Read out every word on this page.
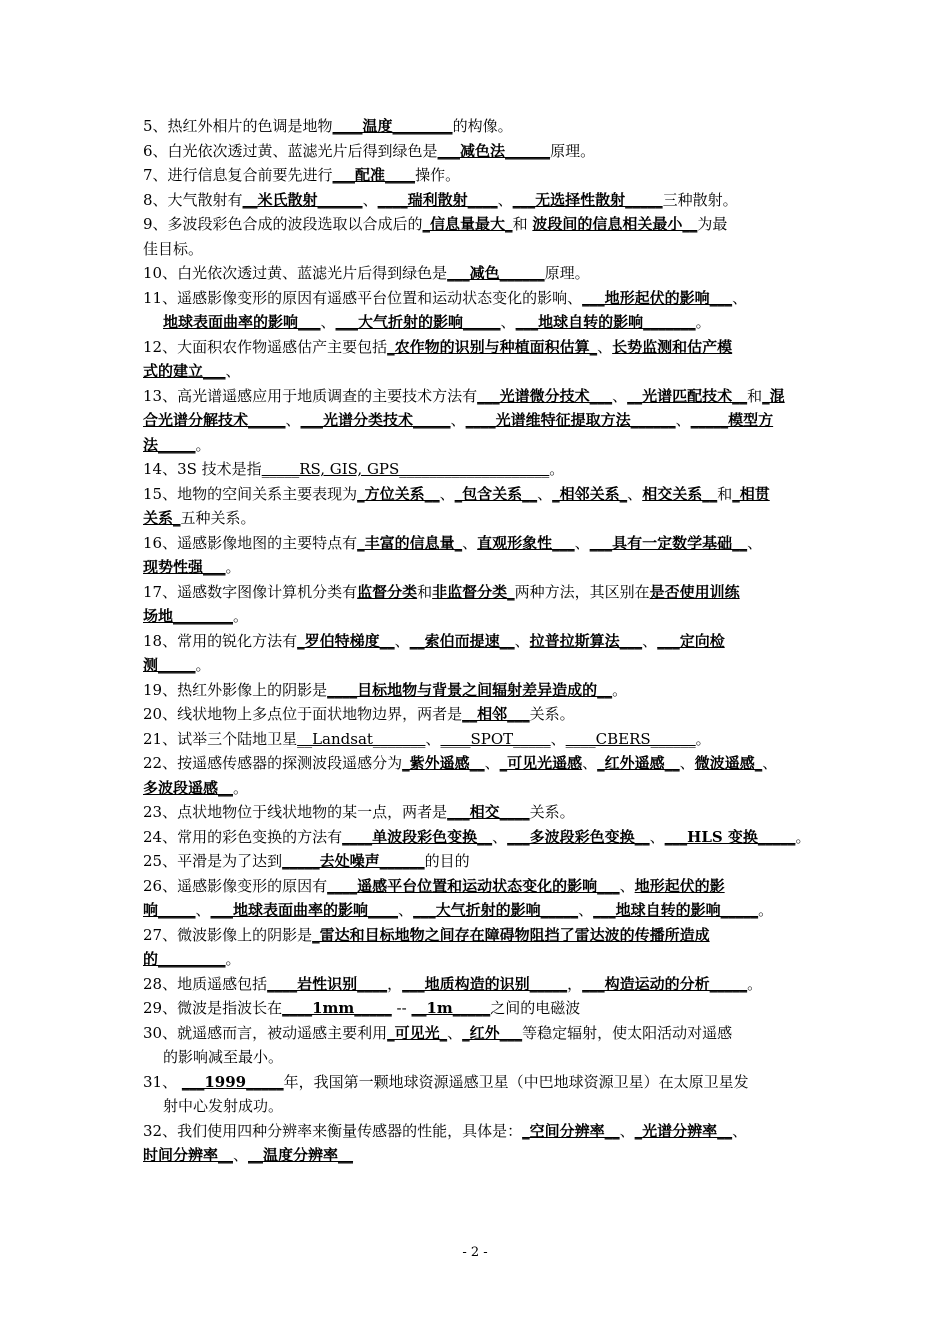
5、热红外相片的色调是地物____温度________的构像。
6、白光依次透过黄、蓝滤光片后得到绿色是___减色法______原理。
7、进行信息复合前要先进行___配准____操作。
8、大气散射有__米氏散射______、____瑞利散射____、___无选择性散射_____三种散射。
9、多波段彩色合成的波段选取以合成后的_信息量最大_和 波段间的信息相关最小__为最
佳目标。
10、白光依次透过黄、蓝滤光片后得到绿色是___减色______原理。
11、遥感影像变形的原因有遥感平台位置和运动状态变化的影响、___地形起伏的影响___、
地球表面曲率的影响___、___大气折射的影响_____、___地球自转的影响_______。
12、大面积农作物遥感估产主要包括_农作物的识别与种植面积估算_、长势监测和估产模
式的建立___、
13、高光谱遥感应用于地质调查的主要技术方法有___光谱微分技术___、__光谱匹配技术__和_混
合光谱分解技术_____、___光谱分类技术_____、____光谱维特征提取方法______、_____模型方
法_____。
14、3S 技术是指_____RS, GIS, GPS____________________。
15、地物的空间关系主要表现为_方位关系__、_包含关系__、_相邻关系_、相交关系__和_相贯
关系_五种关系。
16、遥感影像地图的主要特点有_丰富的信息量_、直观形象性___、___具有一定数学基础__、
现势性强___。
17、遥感数字图像计算机分类有监督分类和非监督分类_两种方法，其区别在是否使用训练
场地________。
18、常用的锐化方法有_罗伯特梯度__、__索伯而提速__、拉普拉斯算法___、___定向检
测_____。
19、热红外影像上的阴影是____目标地物与背景之间辐射差异造成的__。
20、线状地物上多点位于面状地物边界，两者是__相邻___关系。
21、试举三个陆地卫星__Landsat_______、____SPOT_____、____CBERS______。
22、按遥感传感器的探测波段遥感分为_紫外遥感__、_可见光遥感、_红外遥感__、微波遥感_、
多波段遥感__。
23、点状地物位于线状地物的某一点，两者是___相交____关系。
24、常用的彩色变换的方法有____单波段彩色变换__、___多波段彩色变换__、___HLS 变换_____。
25、平滑是为了达到_____去处噪声______的目的
26、遥感影像变形的原因有____遥感平台位置和运动状态变化的影响___、地形起伏的影
响_____、___地球表面曲率的影响____、___大气折射的影响_____、___地球自转的影响_____。
27、微波影像上的阴影是_雷达和目标地物之间存在障碍物阻挡了雷达波的传播所造成
的_________。
28、地质遥感包括____岩性识别____，___地质构造的识别_____，___构造运动的分析_____。
29、微波是指波长在____1mm_____ -- __1m_____之间的电磁波
30、就遥感而言，被动遥感主要利用_可见光_、_红外___等稳定辐射，使太阳活动对遥感
的影响减至最小。
31、 ___1999_____年，我国第一颗地球资源遥感卫星（中巴地球资源卫星）在太原卫星发
射中心发射成功。
32、我们使用四种分辨率来衡量传感器的性能，具体是：_空间分辨率__、_光谱分辨率__、
时间分辨率__、__温度分辨率__
- 2 -
